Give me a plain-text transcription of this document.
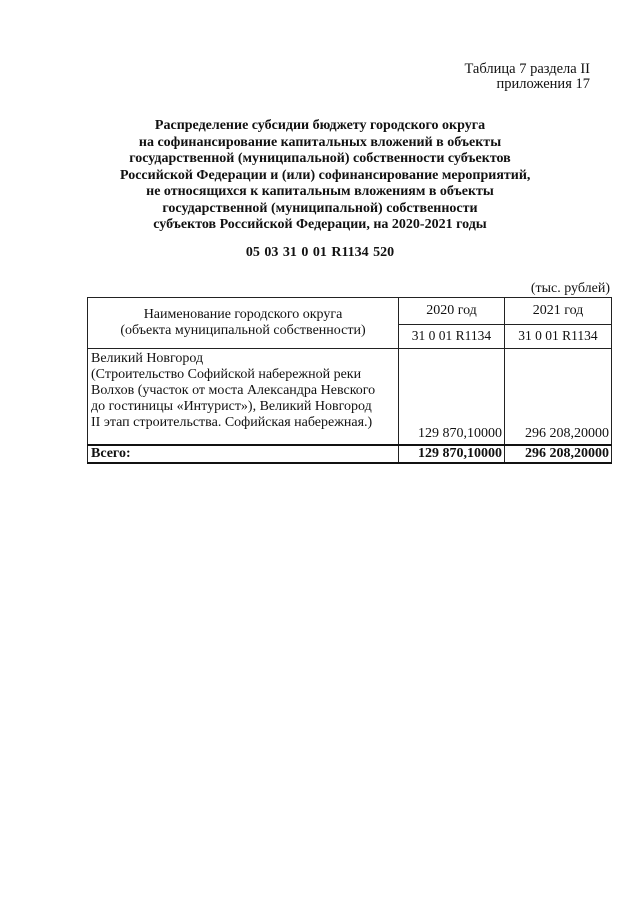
Таблица 7 раздела II
приложения 17
Распределение субсидии бюджету городского округа
на софинансирование капитальных вложений в объекты
государственной (муниципальной) собственности субъектов
Российской Федерации и (или) софинансирование мероприятий,
не относящихся к капитальным вложениям в объекты
государственной (муниципальной) собственности
субъектов Российской Федерации, на 2020-2021 годы
05 03 31 0 01 R1134 520
(тыс. рублей)
Наименование городского округа
(объекта муниципальной собственности)	2020 год	2021 год
	31 0 01 R1134	31 0 01 R1134

Великий Новгород
(Строительство Софийской набережной реки
Волхов (участок от моста Александра Невского
до гостиницы «Интурист»), Великий Новгород
II этап строительства. Софийская набережная.)	129 870,10000	296 208,20000
Всего:	129 870,10000	296 208,20000
